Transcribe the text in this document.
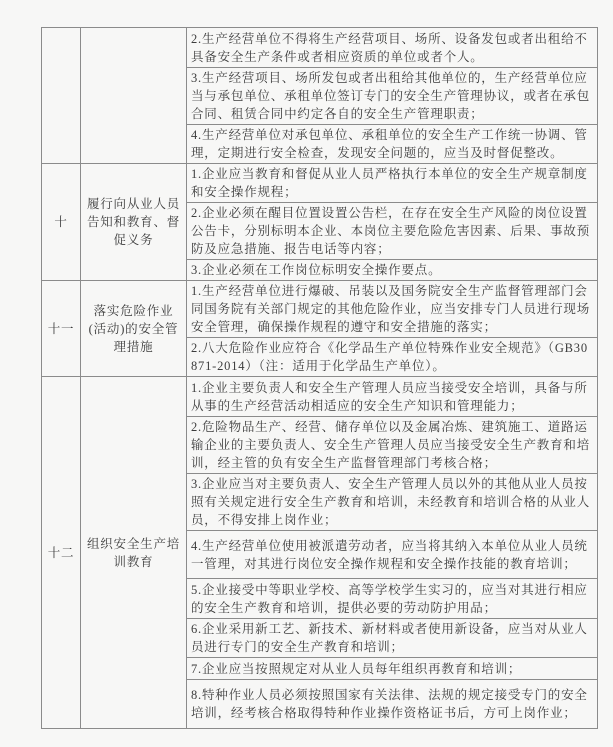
		2.生产经营单位不得将生产经营项目、场所、设备发包或者出租给不具备安全生产条件或者相应资质的单位或者个人。
		3.生产经营项目、场所发包或者出租给其他单位的，生产经营单位应当与承包单位、承租单位签订专门的安全生产管理协议，或者在承包合同、租赁合同中约定各自的安全生产管理职责；
		4.生产经营单位对承包单位、承租单位的安全生产工作统一协调、管理，定期进行安全检查，发现安全问题的，应当及时督促整改。
十	履行向从业人员告知和教育、督促义务	1.企业应当教育和督促从业人员严格执行本单位的安全生产规章制度和安全操作规程；
		2.企业必须在醒目位置设置公告栏，在存在安全生产风险的岗位设置公告卡，分别标明本企业、本岗位主要危险危害因素、后果、事故预防及应急措施、报告电话等内容；
		3.企业必须在工作岗位标明安全操作要点。
十一	落实危险作业(活动)的安全管理措施	1.生产经营单位进行爆破、吊装以及国务院安全生产监督管理部门会同国务院有关部门规定的其他危险作业，应当安排专门人员进行现场安全管理，确保操作规程的遵守和安全措施的落实；
		2.八大危险作业应符合《化学品生产单位特殊作业安全规范》（GB30871-2014）（注：适用于化学品生产单位）。
十二	组织安全生产培训教育	1.企业主要负责人和安全生产管理人员应当接受安全培训，具备与所从事的生产经营活动相适应的安全生产知识和管理能力；
		2.危险物品生产、经营、储存单位以及金属冶炼、建筑施工、道路运输企业的主要负责人、安全生产管理人员应当接受安全生产教育和培训，经主管的负有安全生产监督管理部门考核合格；
		3.企业应当对主要负责人、安全生产管理人员以外的其他从业人员按照有关规定进行安全生产教育和培训，未经教育和培训合格的从业人员，不得安排上岗作业；
		4.生产经营单位使用被派遣劳动者，应当将其纳入本单位从业人员统一管理，对其进行岗位安全操作规程和安全操作技能的教育培训；
		5.企业接受中等职业学校、高等学校学生实习的，应当对其进行相应的安全生产教育和培训，提供必要的劳动防护用品；
		6.企业采用新工艺、新技术、新材料或者使用新设备，应当对从业人员进行专门的安全生产教育和培训；
		7.企业应当按照规定对从业人员每年组织再教育和培训；
		8.特种作业人员必须按照国家有关法律、法规的规定接受专门的安全培训，经考核合格取得特种作业操作资格证书后，方可上岗作业；
